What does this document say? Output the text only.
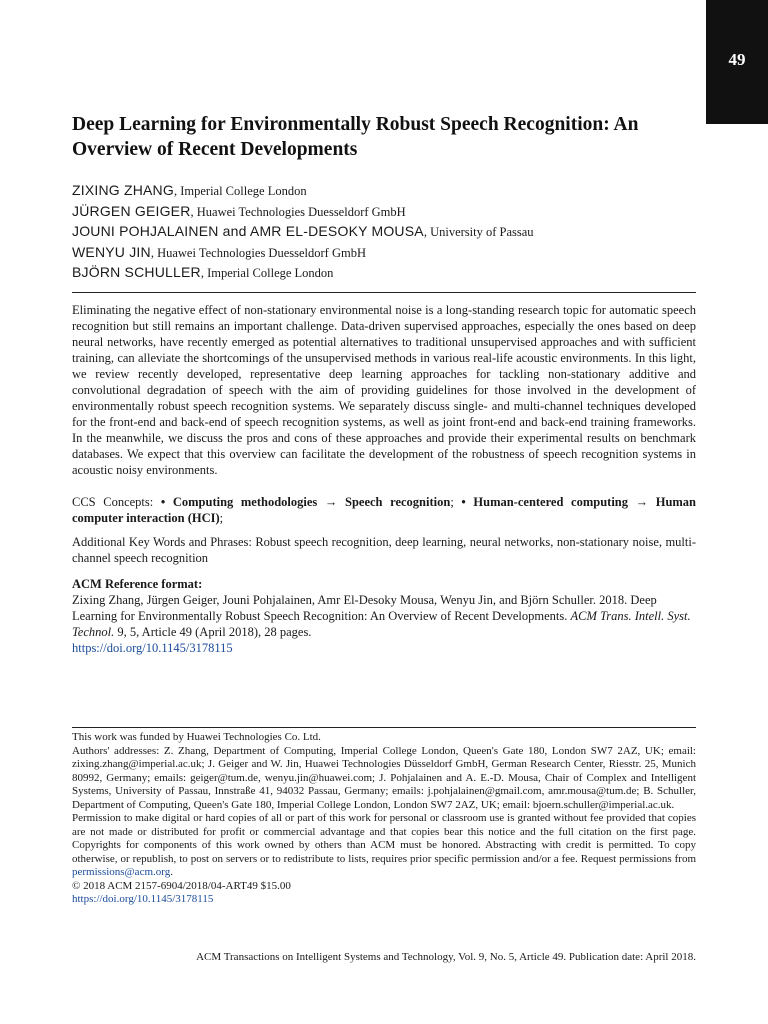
49
Deep Learning for Environmentally Robust Speech Recognition: An Overview of Recent Developments
ZIXING ZHANG, Imperial College London
JÜRGEN GEIGER, Huawei Technologies Duesseldorf GmbH
JOUNI POHJALAINEN and AMR EL-DESOKY MOUSA, University of Passau
WENYU JIN, Huawei Technologies Duesseldorf GmbH
BJÖRN SCHULLER, Imperial College London

Eliminating the negative effect of non-stationary environmental noise is a long-standing research topic for automatic speech recognition but still remains an important challenge. Data-driven supervised approaches, especially the ones based on deep neural networks, have recently emerged as potential alternatives to traditional unsupervised approaches and with sufficient training, can alleviate the shortcomings of the unsupervised methods in various real-life acoustic environments. In this light, we review recently developed, representative deep learning approaches for tackling non-stationary additive and convolutional degradation of speech with the aim of providing guidelines for those involved in the development of environmentally robust speech recognition systems. We separately discuss single- and multi-channel techniques developed for the front-end and back-end of speech recognition systems, as well as joint front-end and back-end training frameworks. In the meanwhile, we discuss the pros and cons of these approaches and provide their experimental results on benchmark databases. We expect that this overview can facilitate the development of the robustness of speech recognition systems in acoustic noisy environments.

CCS Concepts: • Computing methodologies → Speech recognition; • Human-centered computing → Human computer interaction (HCI);

Additional Key Words and Phrases: Robust speech recognition, deep learning, neural networks, non-stationary noise, multi-channel speech recognition

ACM Reference format:

Zixing Zhang, Jürgen Geiger, Jouni Pohjalainen, Amr El-Desoky Mousa, Wenyu Jin, and Björn Schuller. 2018. Deep Learning for Environmentally Robust Speech Recognition: An Overview of Recent Developments. ACM Trans. Intell. Syst. Technol. 9, 5, Article 49 (April 2018), 28 pages.
https://doi.org/10.1145/3178115

This work was funded by Huawei Technologies Co. Ltd.

Authors' addresses: Z. Zhang, Department of Computing, Imperial College London, Queen's Gate 180, London SW7 2AZ, UK; email: zixing.zhang@imperial.ac.uk; J. Geiger and W. Jin, Huawei Technologies Düsseldorf GmbH, German Research Center, Riesstr. 25, Munich 80992, Germany; emails: geiger@tum.de, wenyu.jin@huawei.com; J. Pohjalainen and A. E.-D. Mousa, Chair of Complex and Intelligent Systems, University of Passau, Innstraße 41, 94032 Passau, Germany; emails: j.pohjalainen@gmail.com, amr.mousa@tum.de; B. Schuller, Department of Computing, Queen's Gate 180, Imperial College London, London SW7 2AZ, UK; email: bjoern.schuller@imperial.ac.uk.

Permission to make digital or hard copies of all or part of this work for personal or classroom use is granted without fee provided that copies are not made or distributed for profit or commercial advantage and that copies bear this notice and the full citation on the first page. Copyrights for components of this work owned by others than ACM must be honored. Abstracting with credit is permitted. To copy otherwise, or republish, to post on servers or to redistribute to lists, requires prior specific permission and/or a fee. Request permissions from permissions@acm.org.

© 2018 ACM 2157-6904/2018/04-ART49 $15.00

https://doi.org/10.1145/3178115

ACM Transactions on Intelligent Systems and Technology, Vol. 9, No. 5, Article 49. Publication date: April 2018.
